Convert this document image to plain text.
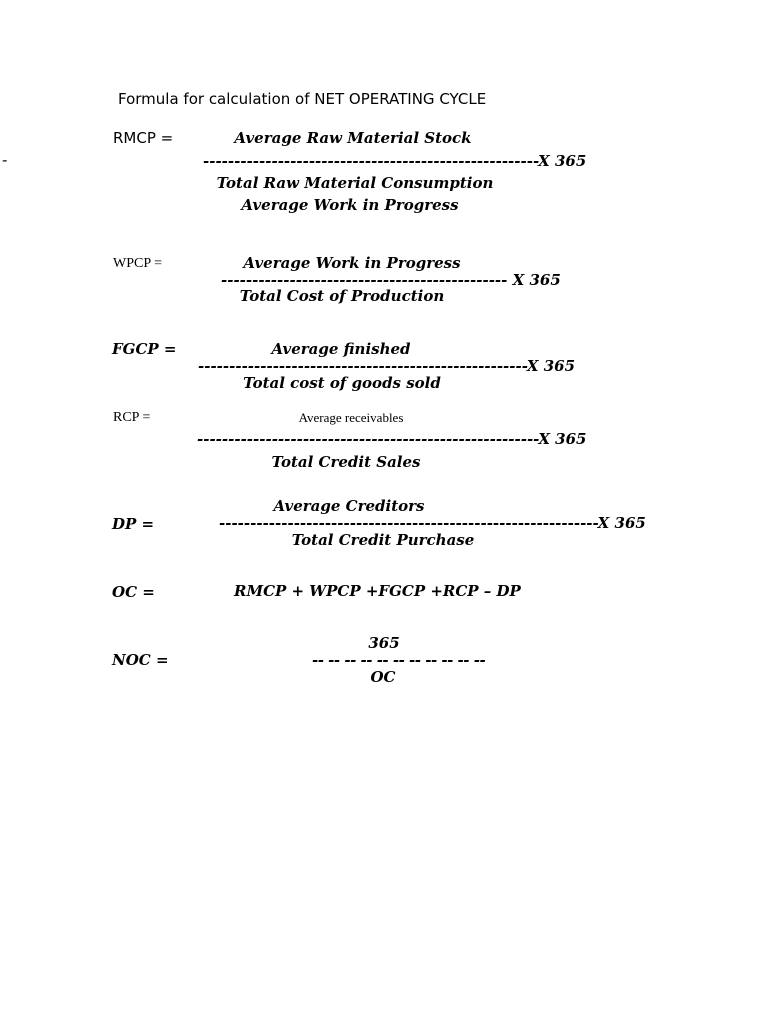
Formula for calculation of NET OPERATING CYCLE
-
RMCP =	Average Raw Material Stock
------------------------------------------------------X 365
Total Raw Material Consumption
Average Work in Progress
WPCP =	Average Work in Progress
---------------------------------------------- X 365
Total Cost of Production
FGCP =	Average finished
-----------------------------------------------------X 365
Total cost of goods sold
RCP =	Average receivables
-------------------------------------------------------X 365
Total Credit Sales
Average Creditors
DP =	-------------------------------------------------------------X 365
Total Credit Purchase
OC =	RMCP + WPCP +FGCP +RCP – DP
365
NOC =	-- -- -- -- -- -- -- -- -- -- --
OC
